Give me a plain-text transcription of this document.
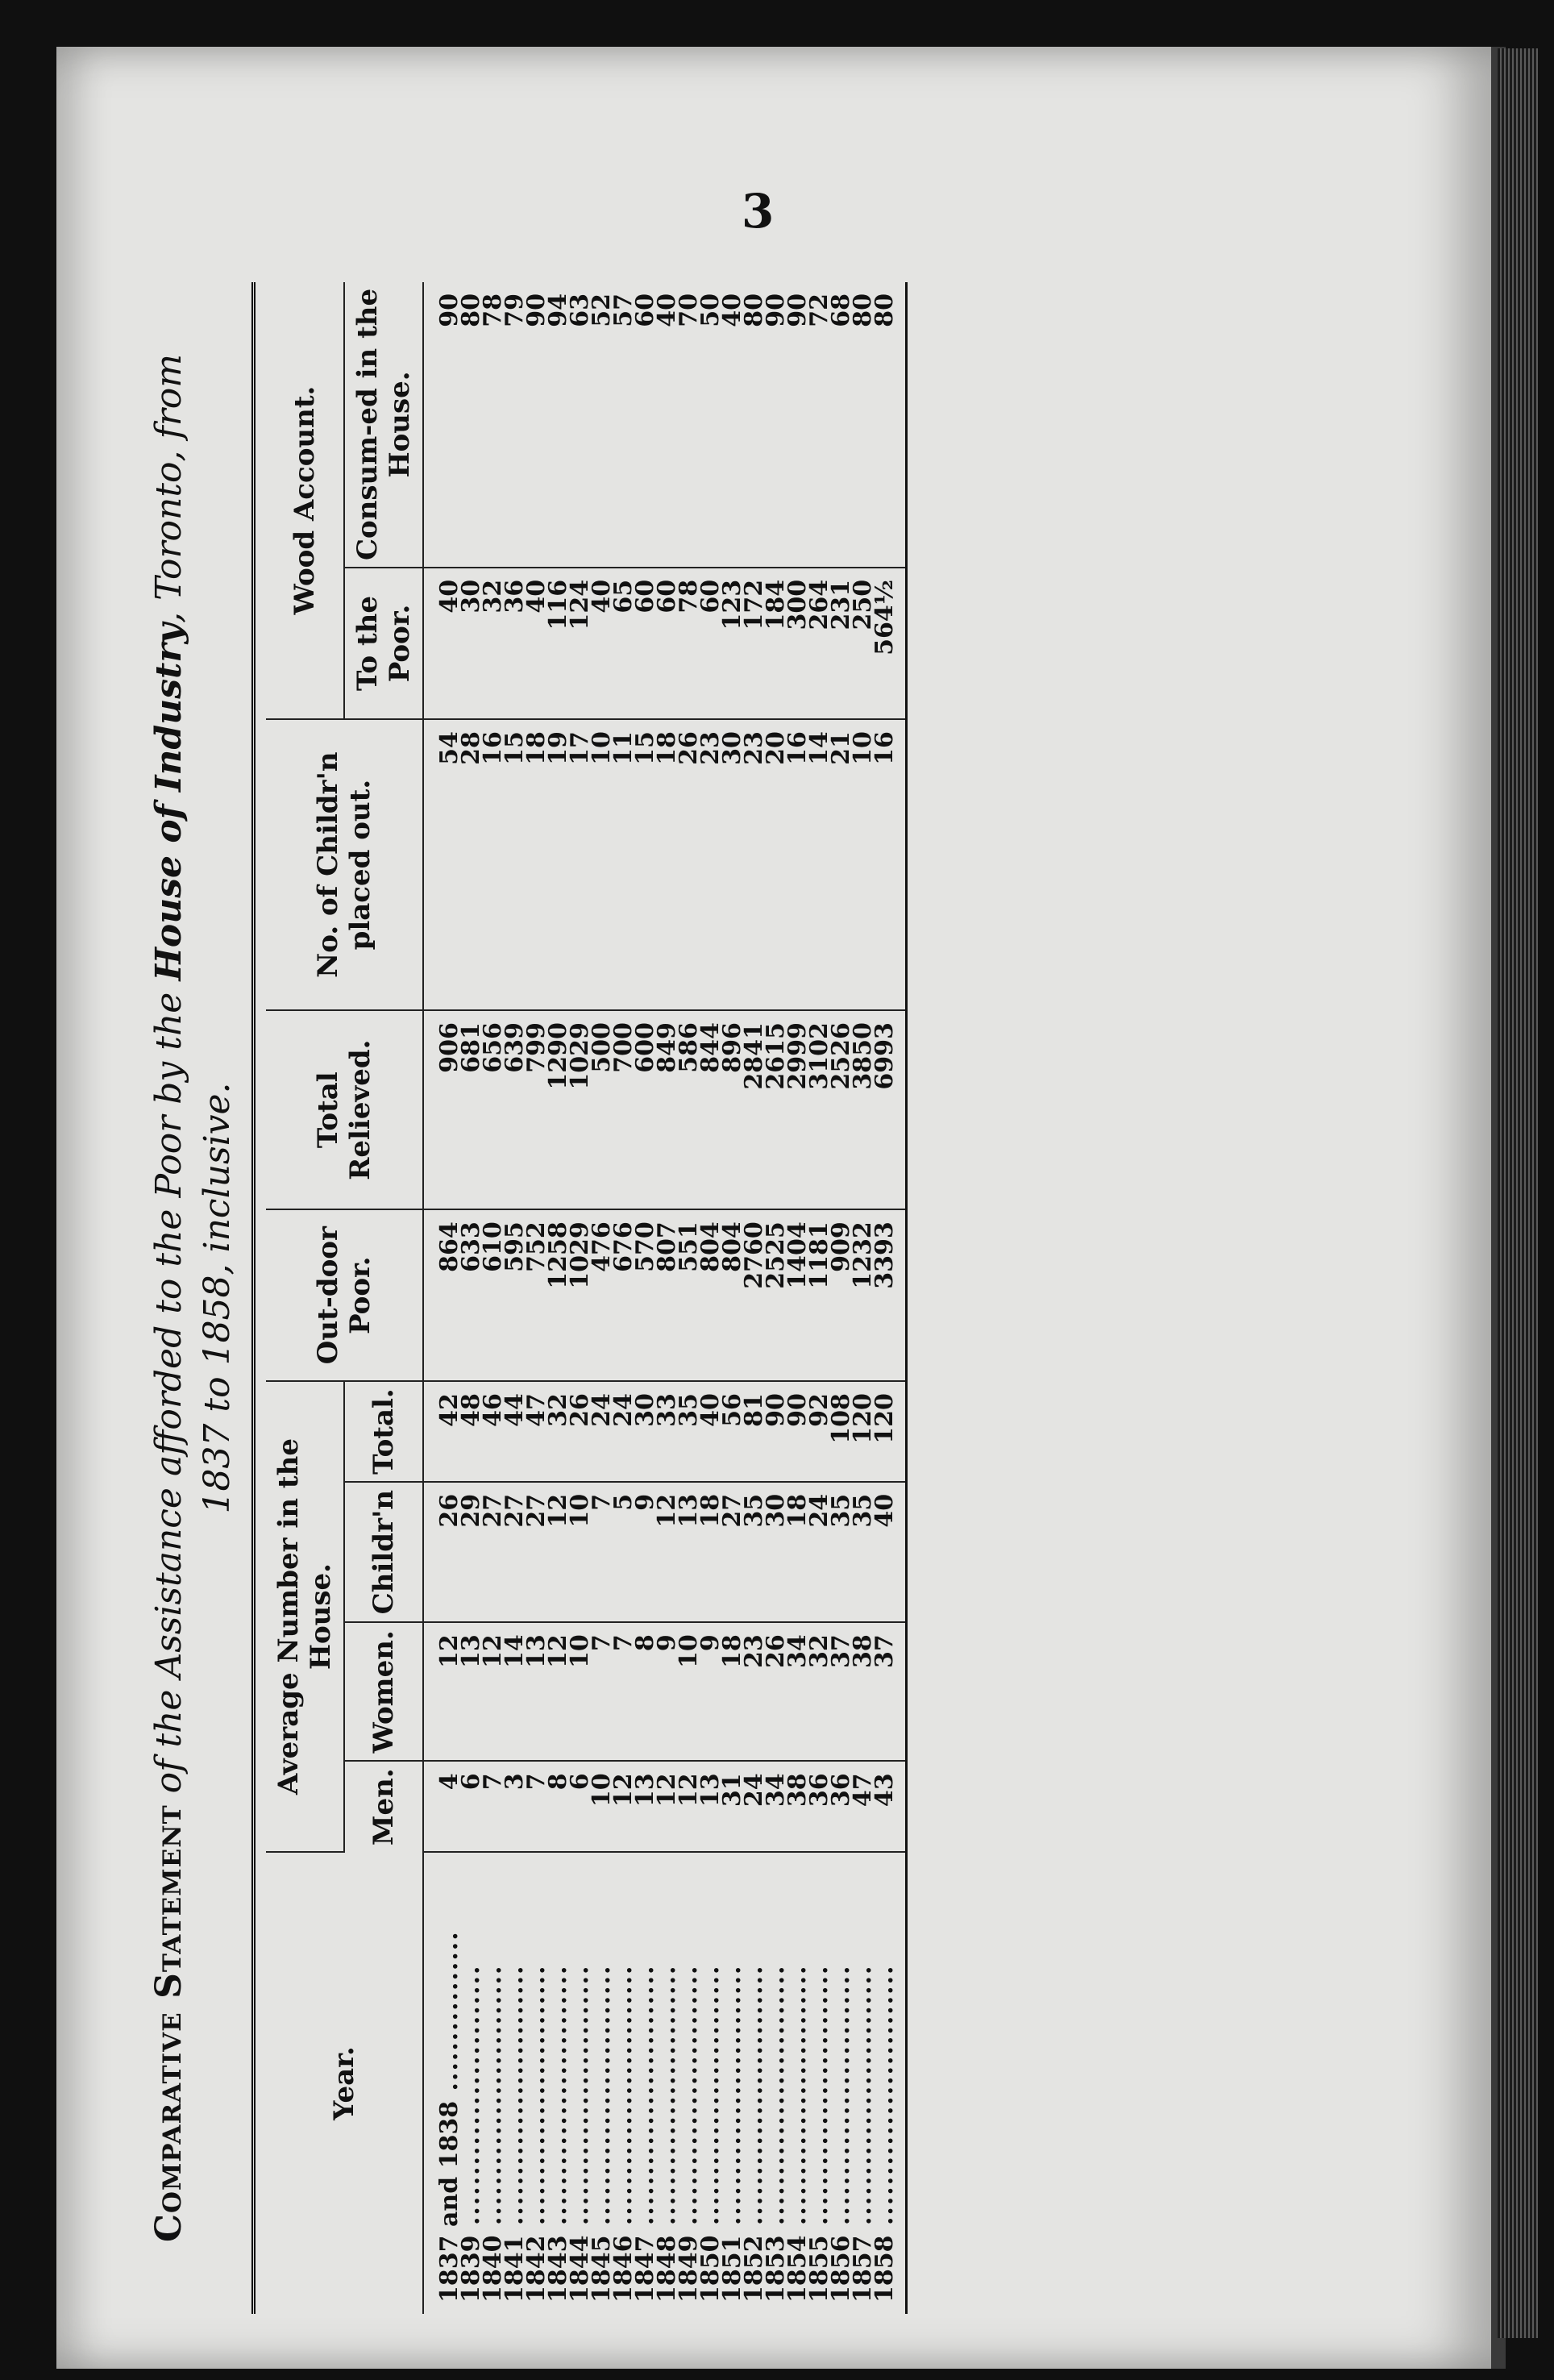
3
Comparative Statement of the Assistance afforded to the Poor by the House of Industry, Toronto, from
1837 to 1858, inclusive.
Year.	Average Number in the House.				Out-door Poor.	Total Relieved.	No. of Childr'n placed out.	Wood Account.	
	Men.	Women.	Childr'n	Total.				To the Poor.	Consum-ed in the House.
1837 and 1838 ................	4	12	26	42	864	906	54	40	90
1839 ..........................	6	13	29	48	633	681	28	30	80
1840 ..........................	7	12	27	46	610	656	16	32	78
1841 ..........................	3	14	27	44	595	639	15	36	79
1842 ..........................	7	13	27	47	752	799	18	40	90
1843 ..........................	8	12	12	32	1258	1290	19	116	94
1844 ..........................	6	10	10	26	1029	1029	17	124	63
1845 ..........................	10	7	7	24	476	500	10	40	52
1846 ..........................	12	7	5	24	676	700	11	65	57
1847 ..........................	13	8	9	30	570	600	15	60	60
1848 ..........................	12	9	12	33	807	849	18	60	40
1849 ..........................	12	10	13	35	551	586	26	78	70
1850 ..........................	13	9	18	40	804	844	23	60	50
1851 ..........................	31	18	27	56	804	896	30	123	40
1852 ..........................	24	23	35	81	2760	2841	23	172	80
1853 ..........................	34	26	30	90	2525	2615	20	184	90
1854 ..........................	38	34	18	90	1404	2999	16	300	90
1855 ..........................	36	32	24	92	1181	3102	14	264	72
1856 ..........................	36	37	35	108	909	2526	21	231	68
1857 ..........................	47	38	35	120	1232	3850	10	250	80
1858 ..........................	43	37	40	120	3393	6993	16	564½	80
